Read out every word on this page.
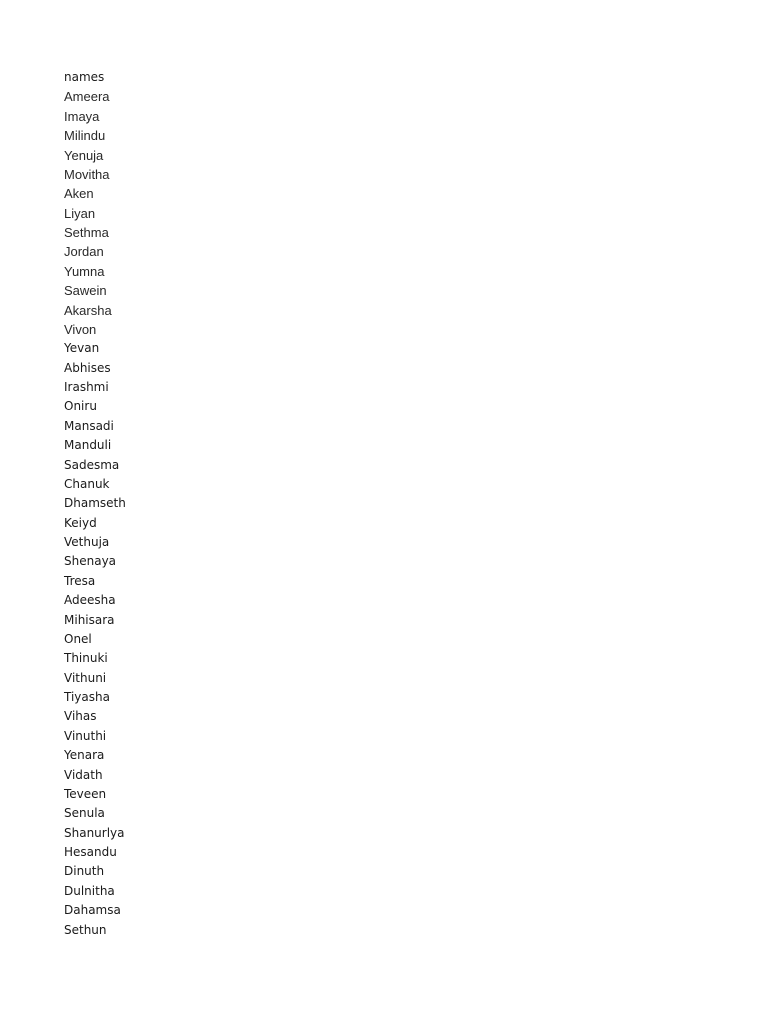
names
Ameera
Imaya
Milindu
Yenuja
Movitha
Aken
Liyan
Sethma
Jordan
Yumna
Sawein
Akarsha
Vivon
Yevan
Abhises
Irashmi
Oniru
Mansadi
Manduli
Sadesma
Chanuk
Dhamseth
Keiyd
Vethuja
Shenaya
Tresa
Adeesha
Mihisara
Onel
Thinuki
Vithuni
Tiyasha
Vihas
Vinuthi
Yenara
Vidath
Teveen
Senula
Shanurlya
Hesandu
Dinuth
Dulnitha
Dahamsa
Sethun
